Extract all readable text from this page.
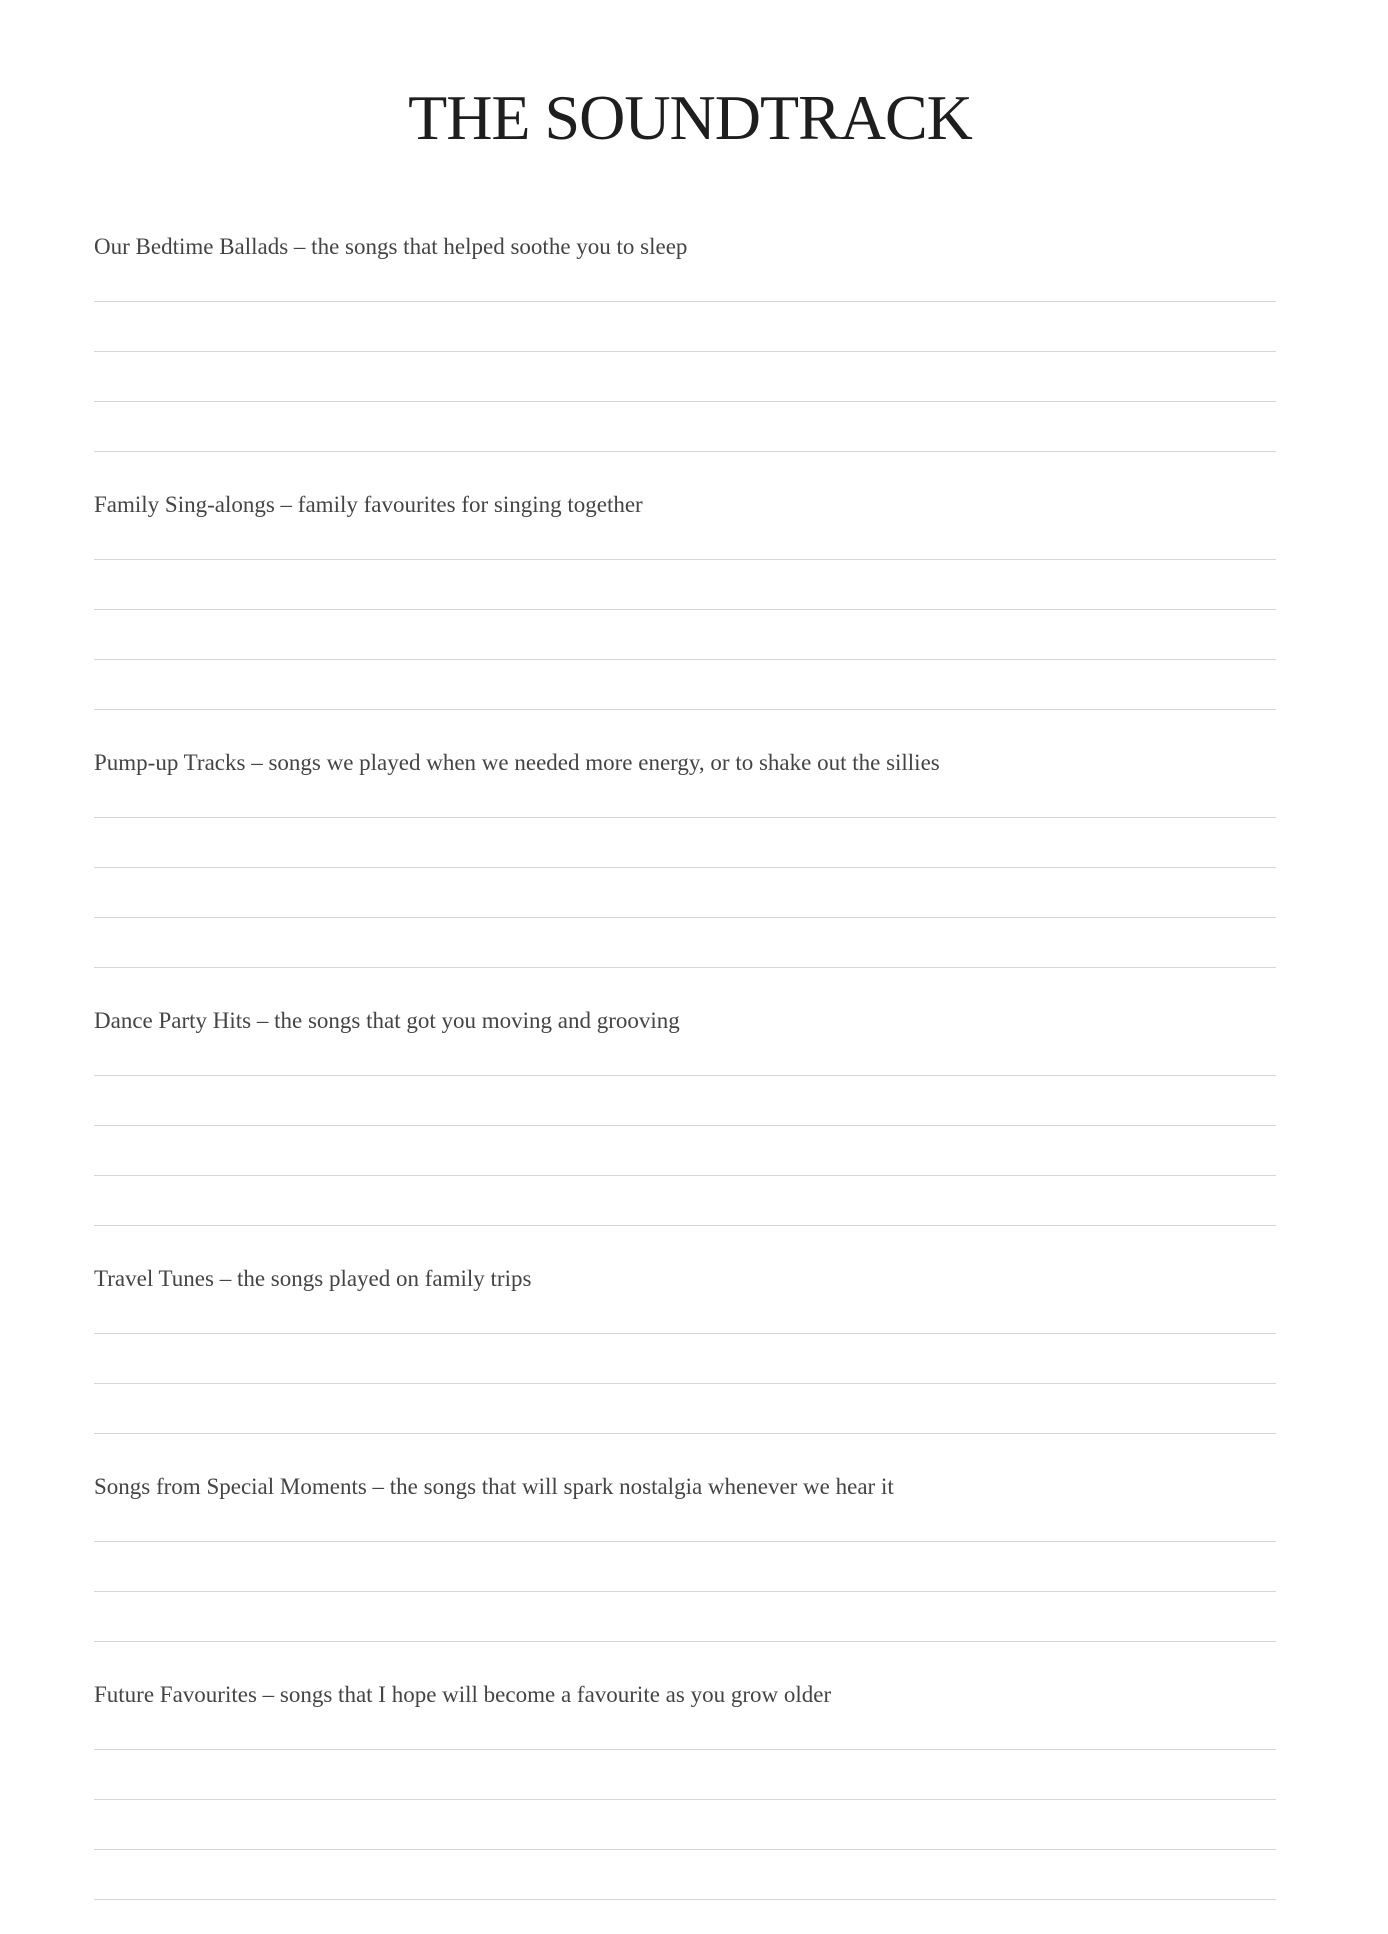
THE SOUNDTRACK
Our Bedtime Ballads – the songs that helped soothe you to sleep
Family Sing-alongs – family favourites for singing together
Pump-up Tracks – songs we played when we needed more energy, or to shake out the sillies
Dance Party Hits – the songs that got you moving and grooving
Travel Tunes – the songs played on family trips
Songs from Special Moments – the songs that will spark nostalgia whenever we hear it
Future Favourites – songs that I hope will become a favourite as you grow older
